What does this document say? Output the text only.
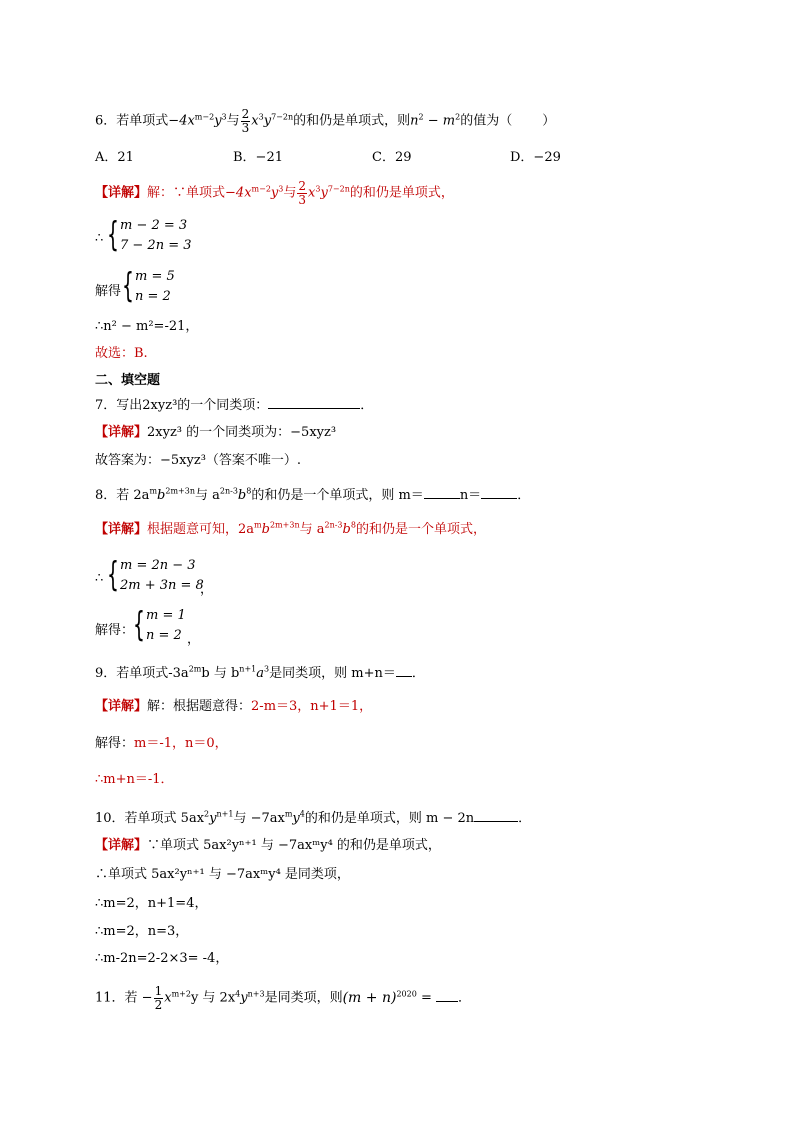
6．若单项式$-4x^{m-2}y^3$与 $\frac{2}{3} x^3y^{7-2n}$的和仍是单项式，则$n^2 - m^2$的值为（ ）
A．21	B．−21	C．29	D．−29
【详解】解：∵单项式$-4x^{m-2}y^3$与 $\frac{2}{3} x^3y^{7-2n}$的和仍是单项式，
∴ { m − 2 = 3
7 − 2n = 3
解得 { m = 5
n = 2
∴n² − m²=-21，
故选：B.
二、填空题
7．写出2xyz³的一个同类项：	．
【详解】2xyz³ 的一个同类项为：−5xyz³
故答案为：−5xyz³（答案不唯一）.
8．若 $2a^mb^{2m+3n}$与 $a^{2n-3}b^8$的和仍是一个单项式，则 m＝	n＝	．
【详解】根据题意可知，$2a^mb^{2m+3n}$与 $a^{2n-3}b^8$的和仍是一个单项式，
∴ { m = 2n − 3
2m + 3n = 8
，
解得：
{ m = 1
n = 2 ，
9．若单项式$-3a^{2m}b$ 与 $b^{n+1}a^3$是同类项，则 m+n＝ ．
【详解】解：根据题意得：2-m＝3，n+1＝1，
解得：m＝-1，n＝0，
∴m+n＝-1．
10．若单项式 $5ax^2y^{n+1}$与 $-7ax^my^4$的和仍是单项式，则 m − 2n	．
【详解】∵单项式 5ax²yⁿ⁺¹ 与 −7axᵐy⁴ 的和仍是单项式，
∴单项式 5ax²yⁿ⁺¹ 与 −7axᵐy⁴ 是同类项，
∴m=2，n+1=4，
∴m=2，n=3，
∴m-2n=2-2×3= -4，
11．若 − $\frac{1}{2} x^{m+2}y$ 与 $2x^4y^{n+3}$是同类项，则$(m + n)^{2020}$ = ．
